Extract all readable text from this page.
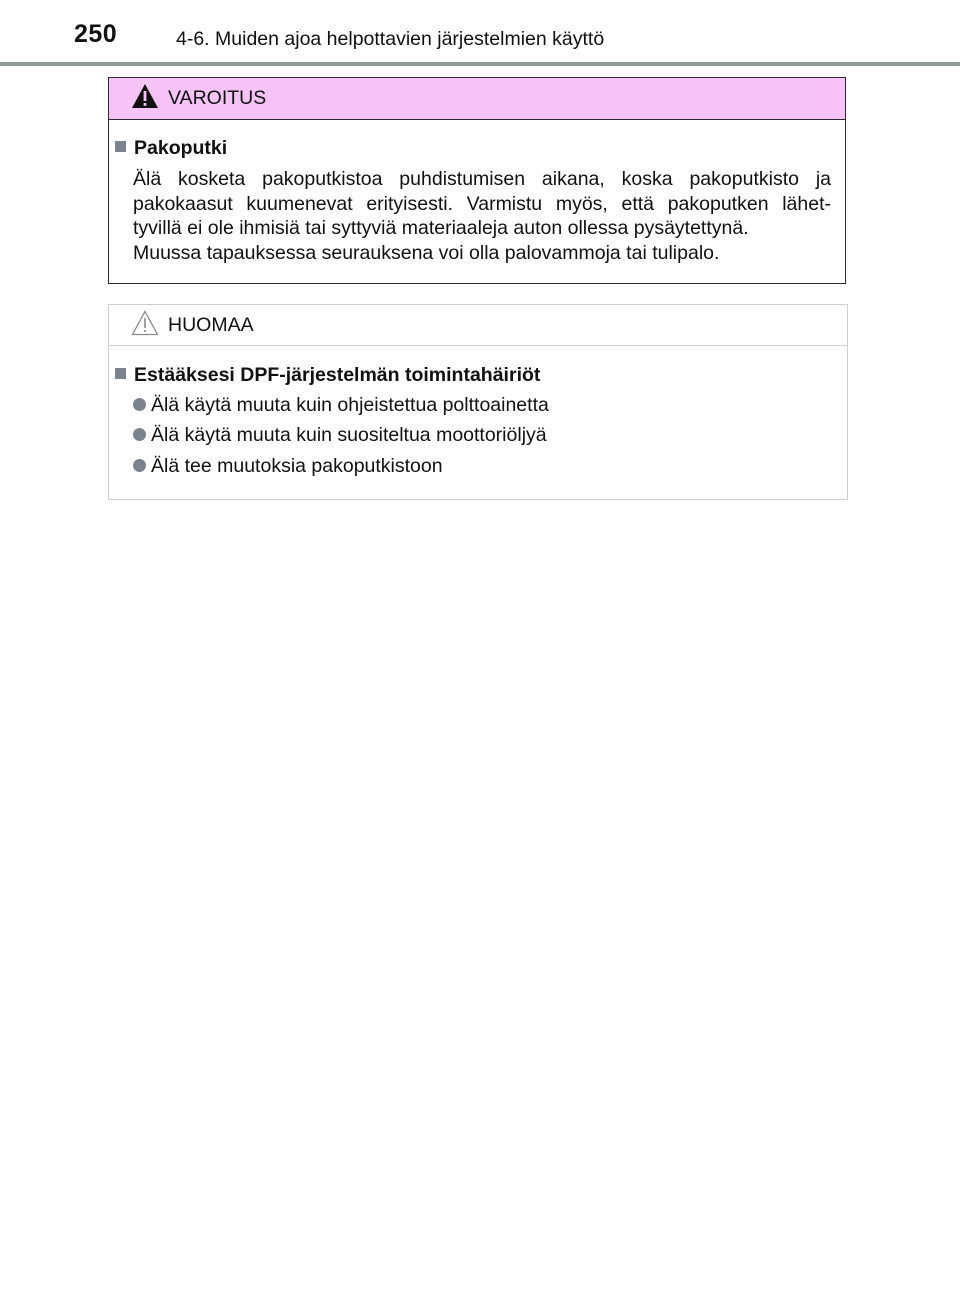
250	4-6. Muiden ajoa helpottavien järjestelmien käyttö
VAROITUS
Pakoputki
Älä kosketa pakoputkistoa puhdistumisen aikana, koska pakoputkisto ja
pakokaasut kuumenevat erityisesti. Varmistu myös, että pakoputken lähet-
tyvillä ei ole ihmisiä tai syttyviä materiaaleja auton ollessa pysäytettynä.
Muussa tapauksessa seurauksena voi olla palovammoja tai tulipalo.
HUOMAA
Estääksesi DPF-järjestelmän toimintahäiriöt
Älä käytä muuta kuin ohjeistettua polttoainetta
Älä käytä muuta kuin suositeltua moottoriöljyä
Älä tee muutoksia pakoputkistoon
